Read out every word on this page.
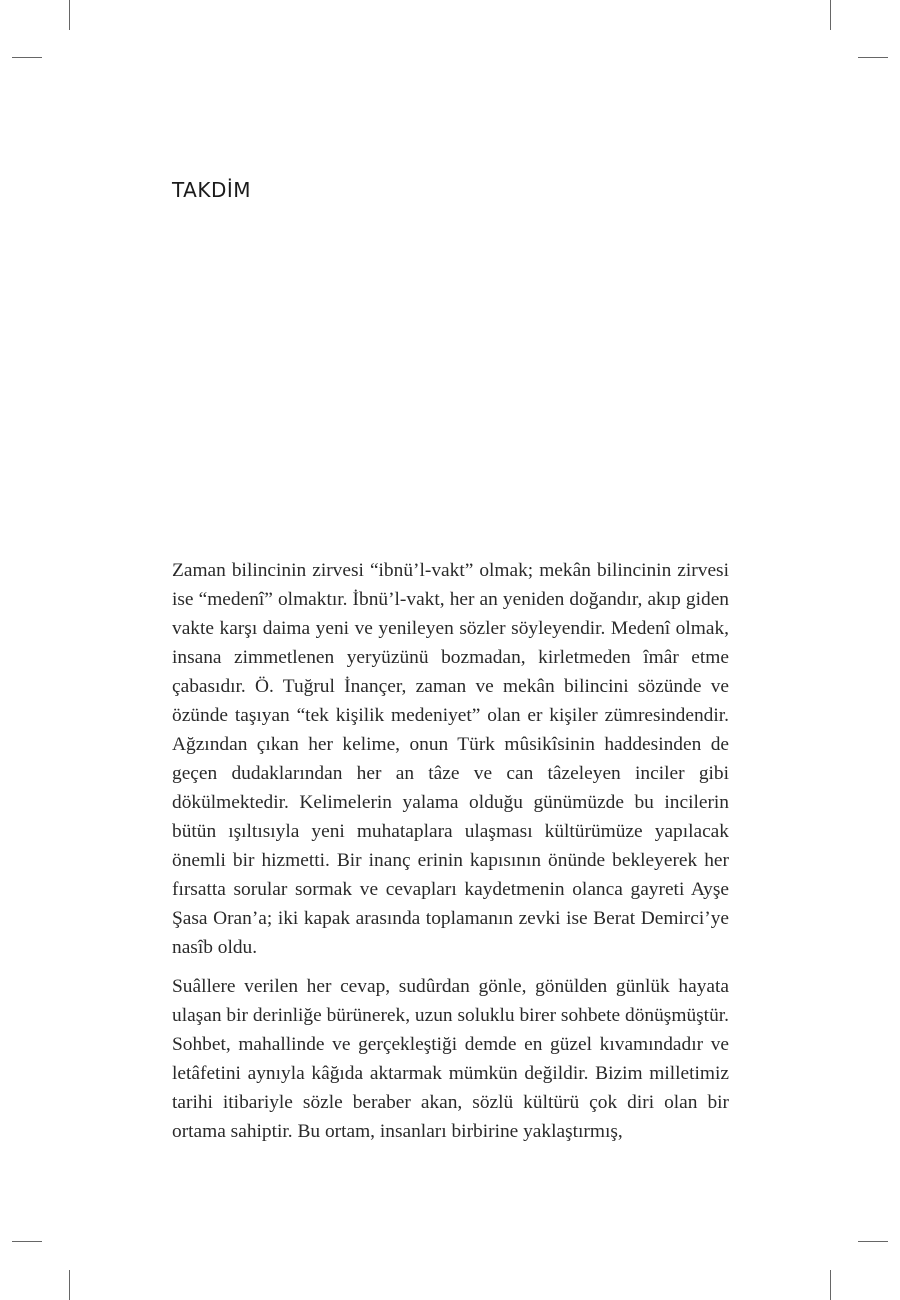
TAKDİM

Zaman bilincinin zirvesi “ibnü’l-vakt” olmak; mekân bilincinin zirvesi ise “medenî” olmaktır. İbnü’l-vakt, her an yeniden doğandır, akıp giden vakte karşı daima yeni ve yenileyen sözler söyleyendir. Medenî olmak, insana zimmetlenen yeryüzünü bozmadan, kirletmeden îmâr etme çabasıdır. Ö. Tuğrul İnançer, zaman ve mekân bilincini sözünde ve özünde taşıyan “tek kişilik medeniyet” olan er kişiler zümresindendir. Ağzından çıkan her kelime, onun Türk mûsikîsinin haddesinden de geçen dudaklarından her an tâze ve can tâzeleyen inciler gibi dökülmektedir. Kelimelerin yalama olduğu günümüzde bu incilerin bütün ışıltısıyla yeni muhataplara ulaşması kültürümüze yapılacak önemli bir hizmetti. Bir inanç erinin kapısının önünde bekleyerek her fırsatta sorular sormak ve cevapları kaydetmenin olanca gayreti Ayşe Şasa Oran’a; iki kapak arasında toplamanın zevki ise Berat Demirci’ye nasîb oldu.

Suâllere verilen her cevap, sudûrdan gönle, gönülden günlük hayata ulaşan bir derinliğe bürünerek, uzun soluklu birer sohbete dönüşmüştür. Sohbet, mahallinde ve gerçekleştiği demde en güzel kıvamındadır ve letâfetini aynıyla kâğıda aktarmak mümkün değildir. Bizim milletimiz tarihi itibariyle sözle beraber akan, sözlü kültürü çok diri olan bir ortama sahiptir. Bu ortam, insanları birbirine yaklaştırmış,
